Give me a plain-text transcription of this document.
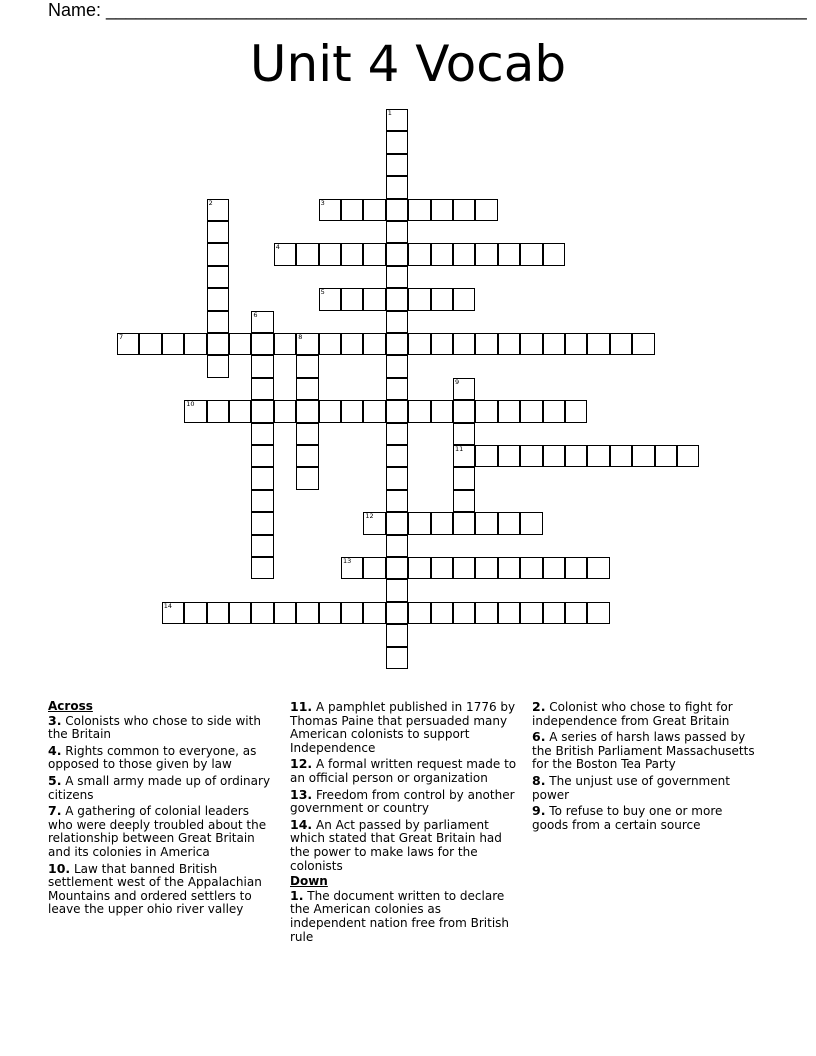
Name: ______________________________________________________________________
Unit 4 Vocab
1
2	3
4
5
6
7	8
9
11
10
12
13
14

Across

3. Colonists who chose to side with the Britain
4. Rights common to everyone, as opposed to those given by law
5. A small army made up of ordinary citizens
7. A gathering of colonial leaders who were deeply troubled about the relationship between Great Britain and its colonies in America
10. Law that banned British settlement west of the Appalachian Mountains and ordered settlers to leave the upper ohio river valley
11. A pamphlet published in 1776 by Thomas Paine that persuaded many American colonists to support Independence
12. A formal written request made to an official person or organization
13. Freedom from control by another government or country
14. An Act passed by parliament which stated that Great Britain had the power to make laws for the colonists

Down

1. The document written to declare the American colonies as independent nation free from British rule
2. Colonist who chose to fight for independence from Great Britain
6. A series of harsh laws passed by the British Parliament Massachusetts for the Boston Tea Party
8. The unjust use of government power
9. To refuse to buy one or more goods from a certain source
